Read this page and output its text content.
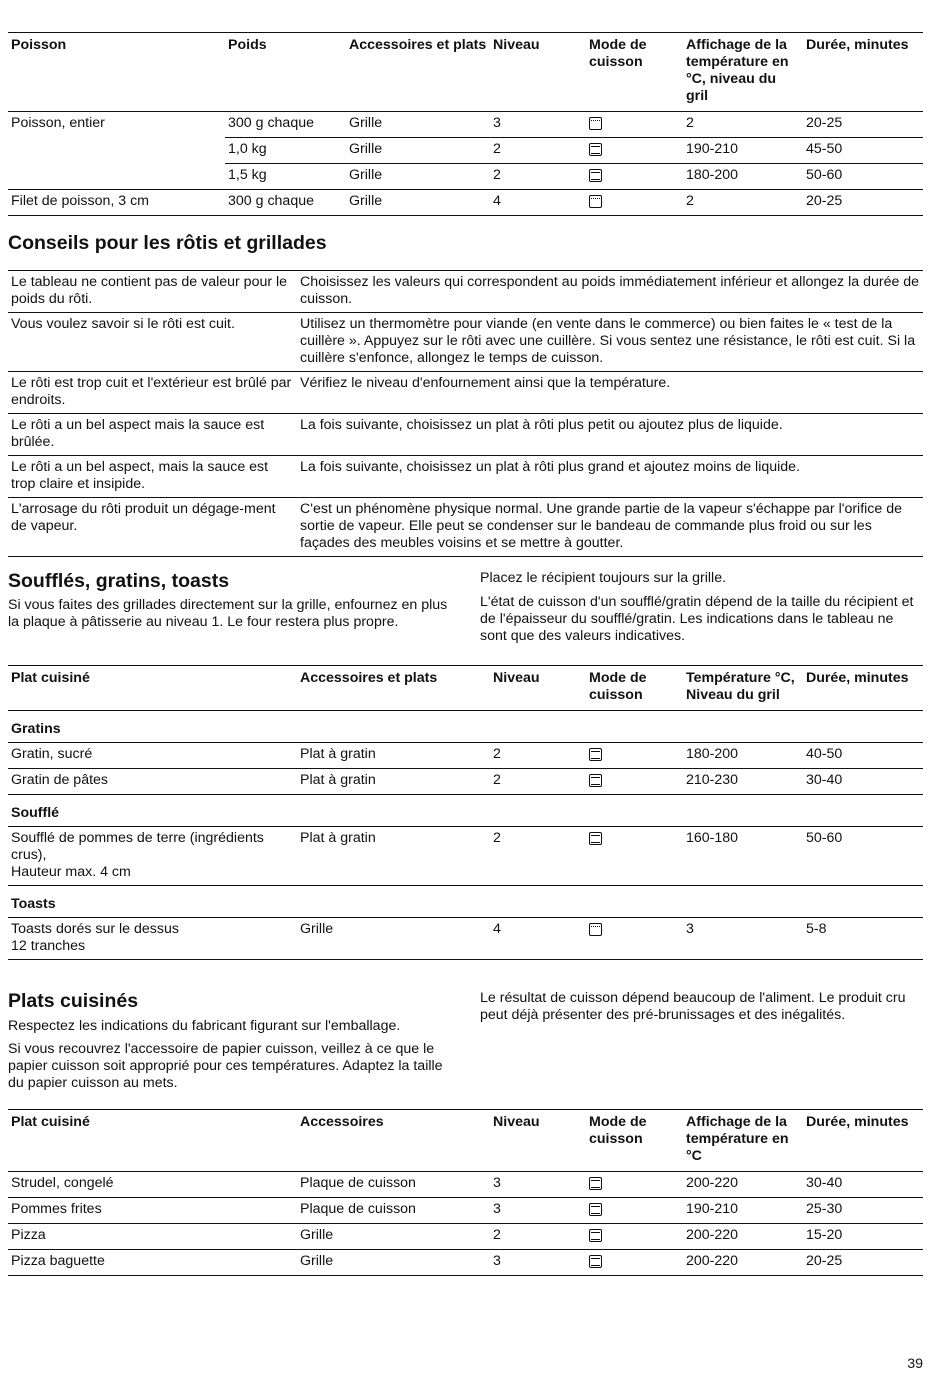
Poisson	Poids	Accessoires et plats	Niveau	Mode de cuisson	Affichage de la température en °C, niveau du gril	Durée, minutes
Poisson, entier	300 g chaque	Grille	3		2	20-25
	1,0 kg	Grille	2		190-210	45-50
	1,5 kg	Grille	2		180-200	50-60
Filet de poisson, 3 cm	300 g chaque	Grille	4		2	20-25
Conseils pour les rôtis et grillades
Le tableau ne contient pas de valeur pour le poids du rôti.	Choisissez les valeurs qui correspondent au poids immédiatement inférieur et allongez la durée de cuisson.
Vous voulez savoir si le rôti est cuit.	Utilisez un thermomètre pour viande (en vente dans le commerce) ou bien faites le « test de la cuillère ». Appuyez sur le rôti avec une cuillère. Si vous sentez une résistance, le rôti est cuit. Si la cuillère s'enfonce, allongez le temps de cuisson.
Le rôti est trop cuit et l'extérieur est brûlé par endroits.	Vérifiez le niveau d'enfournement ainsi que la température.
Le rôti a un bel aspect mais la sauce est brûlée.	La fois suivante, choisissez un plat à rôti plus petit ou ajoutez plus de liquide.
Le rôti a un bel aspect, mais la sauce est trop claire et insipide.	La fois suivante, choisissez un plat à rôti plus grand et ajoutez moins de liquide.
L'arrosage du rôti produit un dégage-ment de vapeur.	C'est un phénomène physique normal. Une grande partie de la vapeur s'échappe par l'orifice de sortie de vapeur. Elle peut se condenser sur le bandeau de commande plus froid ou sur les façades des meubles voisins et se mettre à goutter.
Soufflés, gratins, toasts

Si vous faites des grillades directement sur la grille, enfournez en plus la plaque à pâtisserie au niveau 1. Le four restera plus propre.

Placez le récipient toujours sur la grille.

L'état de cuisson d'un soufflé/gratin dépend de la taille du récipient et de l'épaisseur du soufflé/gratin. Les indications dans le tableau ne sont que des valeurs indicatives.

Plat cuisiné	Accessoires et plats	Niveau	Mode de cuisson	Température °C, Niveau du gril	Durée, minutes
Gratins					
Gratin, sucré	Plat à gratin	2		180-200	40-50
Gratin de pâtes	Plat à gratin	2		210-230	30-40
Soufflé					

Soufflé de pommes de terre (ingrédients crus),
Hauteur max. 4 cm	Plat à gratin	2		160-180	50-60
Toasts					

Toasts dorés sur le dessus
12 tranches	Grille	4		3	5-8
Plats cuisinés

Respectez les indications du fabricant figurant sur l'emballage.

Si vous recouvrez l'accessoire de papier cuisson, veillez à ce que le papier cuisson soit approprié pour ces températures. Adaptez la taille du papier cuisson au mets.

Le résultat de cuisson dépend beaucoup de l'aliment. Le produit cru peut déjà présenter des pré-brunissages et des inégalités.

Plat cuisiné	Accessoires	Niveau	Mode de cuisson	Affichage de la température en °C	Durée, minutes
Strudel, congelé	Plaque de cuisson	3		200-220	30-40
Pommes frites	Plaque de cuisson	3		190-210	25-30
Pizza	Grille	2		200-220	15-20
Pizza baguette	Grille	3		200-220	20-25
39
